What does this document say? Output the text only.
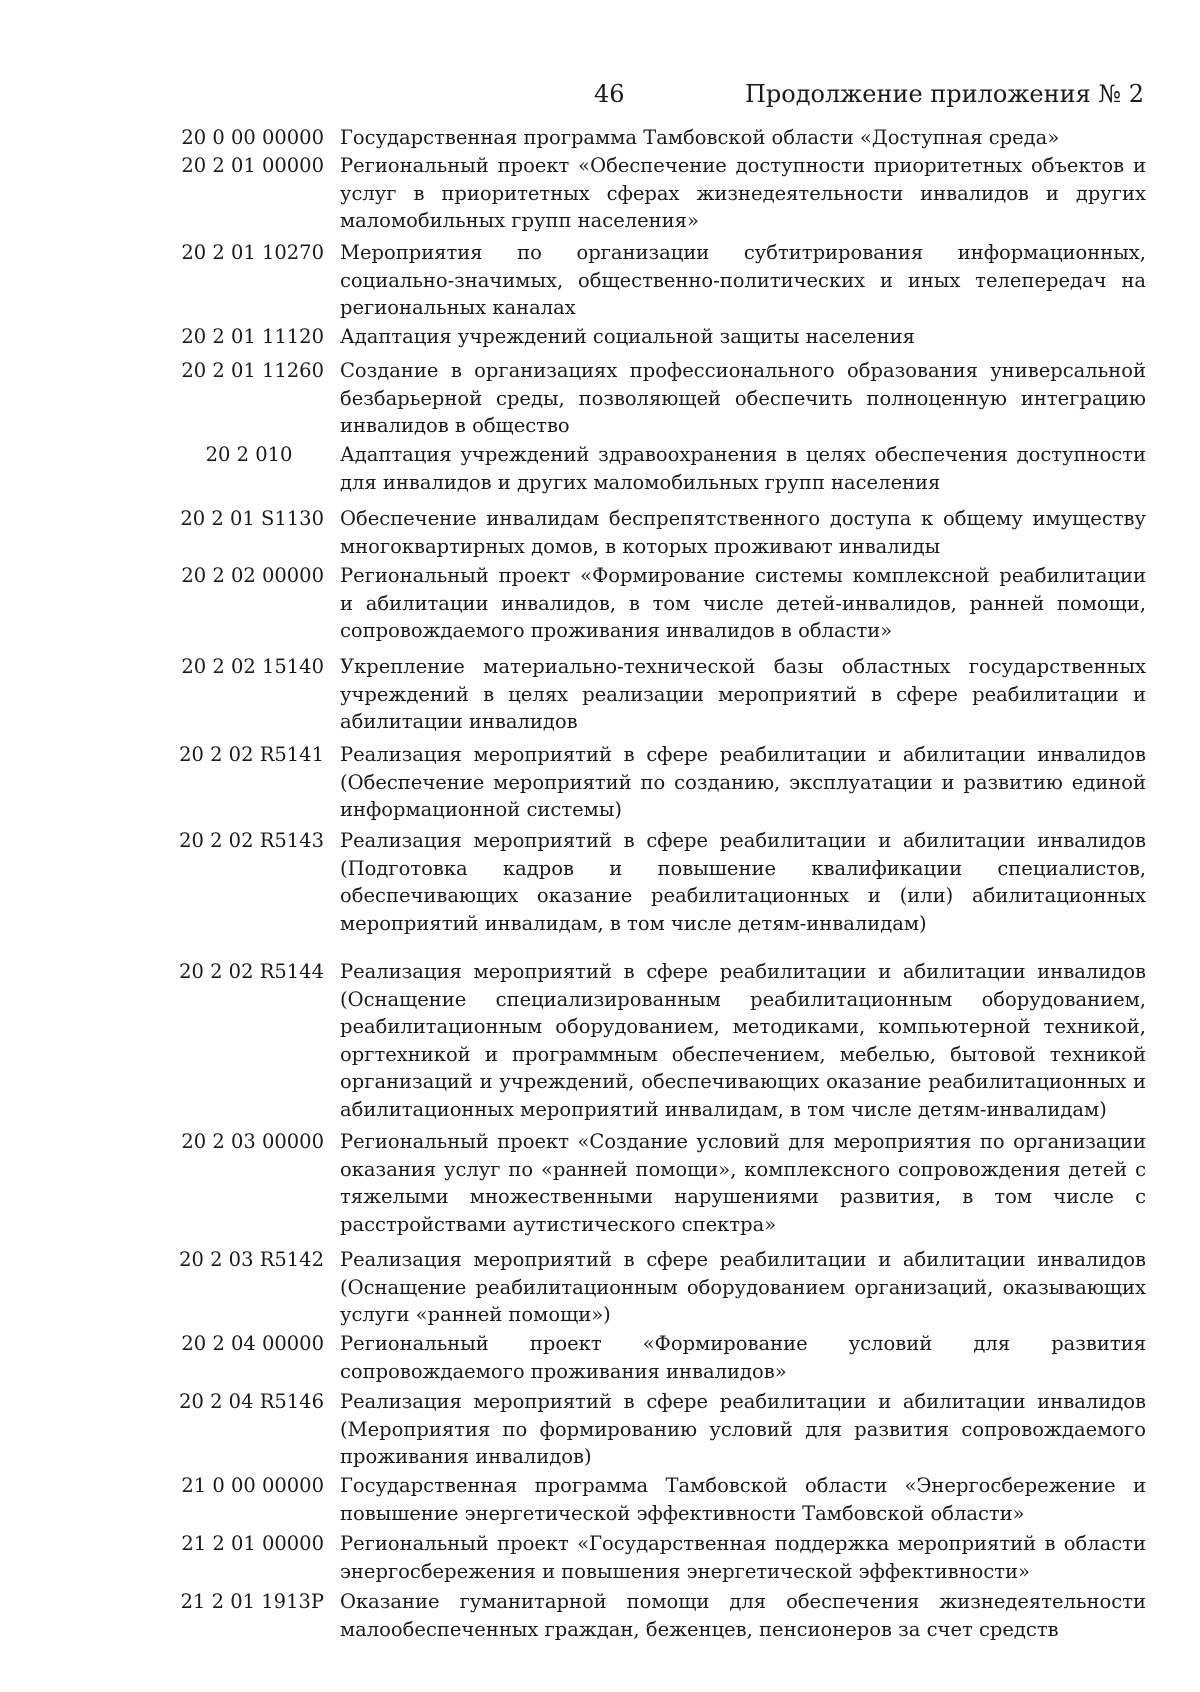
46	Продолжение приложения № 2
20 0 00 00000 Государственная программа Тамбовской области «Доступная среда»
20 2 01 00000 Региональный проект «Обеспечение доступности приоритетных объектов и услуг в приоритетных сферах жизнедеятельности инвалидов и других маломобильных групп населения»
20 2 01 10270 Мероприятия по организации субтитрирования информационных, социально-значимых, общественно-политических и иных телепередач на региональных каналах
20 2 01 11120 Адаптация учреждений социальной защиты населения
20 2 01 11260 Создание в организациях профессионального образования универсальной безбарьерной среды, позволяющей обеспечить полноценную интеграцию инвалидов в общество
20 2 010	Адаптация учреждений здравоохранения в целях обеспечения доступности для инвалидов и других маломобильных групп населения
20 2 01 S1130 Обеспечение инвалидам беспрепятственного доступа к общему имуществу многоквартирных домов, в которых проживают инвалиды
20 2 02 00000 Региональный проект «Формирование системы комплексной реабилитации и абилитации инвалидов, в том числе детей-инвалидов, ранней помощи, сопровождаемого проживания инвалидов в области»
20 2 02 15140 Укрепление материально-технической базы областных государственных учреждений в целях реализации мероприятий в сфере реабилитации и абилитации инвалидов
20 2 02 R5141 Реализация мероприятий в сфере реабилитации и абилитации инвалидов (Обеспечение мероприятий по созданию, эксплуатации и развитию единой информационной системы)
20 2 02 R5143 Реализация мероприятий в сфере реабилитации и абилитации инвалидов (Подготовка кадров и повышение квалификации специалистов, обеспечивающих оказание реабилитационных и (или) абилитационных мероприятий инвалидам, в том числе детям-инвалидам)
20 2 02 R5144 Реализация мероприятий в сфере реабилитации и абилитации инвалидов (Оснащение специализированным реабилитационным оборудованием, реабилитационным оборудованием, методиками, компьютерной техникой, оргтехникой и программным обеспечением, мебелью, бытовой техникой организаций и учреждений, обеспечивающих оказание реабилитационных и абилитационных мероприятий инвалидам, в том числе детям-инвалидам)
20 2 03 00000 Региональный проект «Создание условий для мероприятия по организации оказания услуг по «ранней помощи», комплексного сопровождения детей с тяжелыми множественными нарушениями развития, в том числе с расстройствами аутистического спектра»
20 2 03 R5142 Реализация мероприятий в сфере реабилитации и абилитации инвалидов (Оснащение реабилитационным оборудованием организаций, оказывающих услуги «ранней помощи»)
20 2 04 00000 Региональный проект «Формирование условий для развития сопровождаемого проживания инвалидов»
20 2 04 R5146 Реализация мероприятий в сфере реабилитации и абилитации инвалидов (Мероприятия по формированию условий для развития сопровождаемого проживания инвалидов)
21 0 00 00000 Государственная программа Тамбовской области «Энергосбережение и повышение энергетической эффективности Тамбовской области»
21 2 01 00000 Региональный проект «Государственная поддержка мероприятий в области энергосбережения и повышения энергетической эффективности»
21 2 01 1913P Оказание гуманитарной помощи для обеспечения жизнедеятельности малообеспеченных граждан, беженцев, пенсионеров за счет средств
